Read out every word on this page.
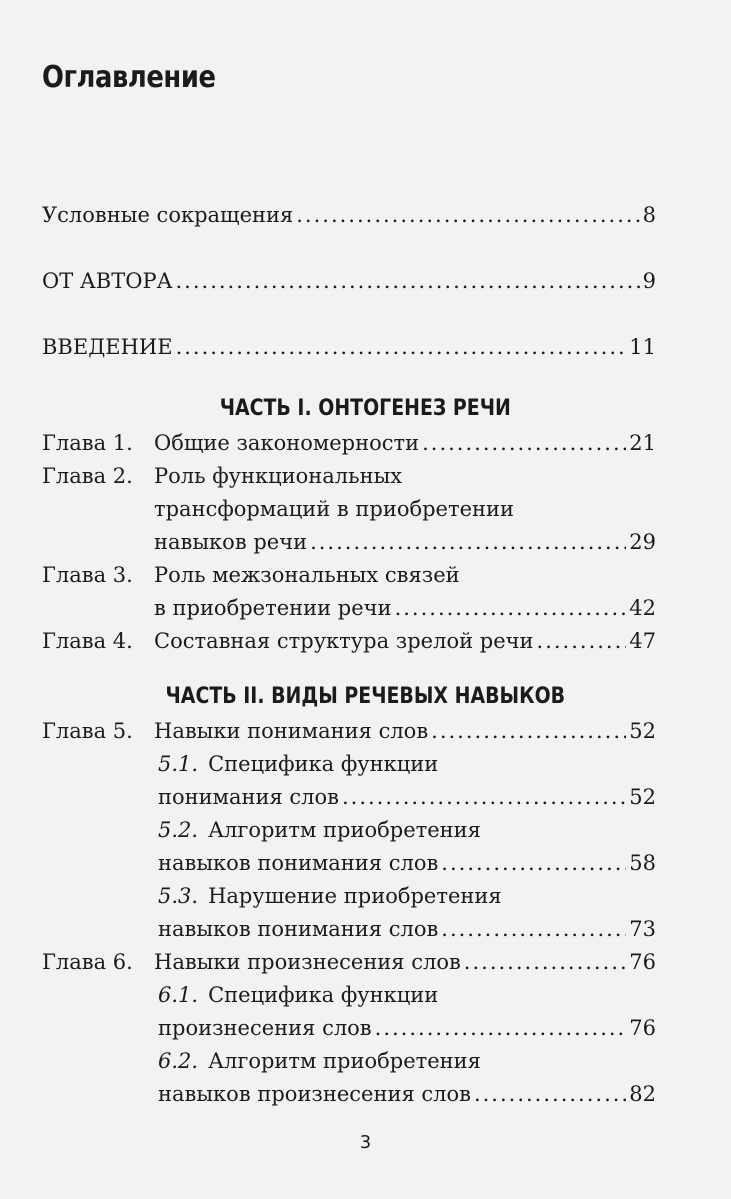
Оглавление
Условные сокращения .....	8
ОТ АВТОРА .....	9
ВВЕДЕНИЕ .....	11
ЧАСТЬ I. ОНТОГЕНЕЗ РЕЧИ
Глава 1.	Общие закономерности .....	21
Глава 2.	Роль функциональных
трансформаций в приобретении
навыков речи .....	29
Глава 3.	Роль межзональных связей
в приобретении речи .....	42
Глава 4.	Составная структура зрелой речи .....	47
ЧАСТЬ II. ВИДЫ РЕЧЕВЫХ НАВЫКОВ
Глава 5.	Навыки понимания слов .....	52
5.1. Специфика функции
понимания слов .....	52
5.2. Алгоритм приобретения
навыков понимания слов .....	58
5.3. Нарушение приобретения
навыков понимания слов .....	73
Глава 6.	Навыки произнесения слов .....	76
6.1. Специфика функции
произнесения слов .....	76
6.2. Алгоритм приобретения
навыков произнесения слов .....	82
3
